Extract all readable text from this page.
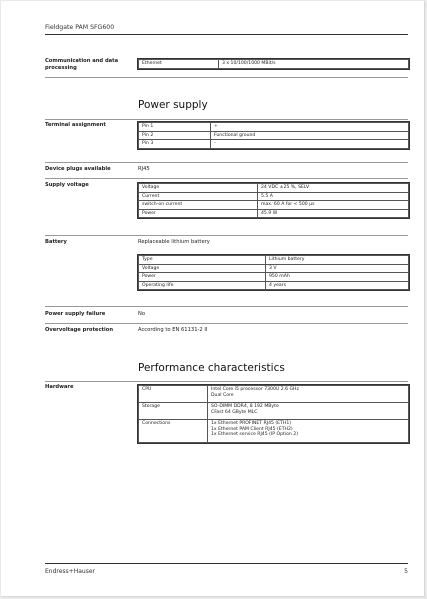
Fieldgate PAM SFG600
Communication and data processing
Ethernet	3 x 10/100/1000 MBit/s
Power supply
Terminal assignment	Pin 1	+
Pin 2	Functional ground
Pin 3	-
Device plugs available	RJ45
Supply voltage	Voltage	24 VDC ±25 %, SELV
Current	5.5 A
switch-on current	max. 60 A for < 500 µs
Power	45.9 W
Battery	Replaceable lithium battery
Type	Lithium battery
Voltage	3 V
Power	950 mAh
Operating life	4 years
Power supply failure	No
Overvoltage protection	According to EN 61131-2 II
Performance characteristics
Hardware	CPU	Intel Core i5 processor 7300U 2.6 GHz
Dual Core

Storage	SO-DIMM DDR4, 8 192 MByte
CFast 64 GByte MLC

Connections	1x Ethernet PROFINET RJ45 (ETH1)
1x Ethernet PAM Client RJ45 (ETH2)
1x Ethernet service RJ45 (IP Option 2)
Endress+Hauser	5
